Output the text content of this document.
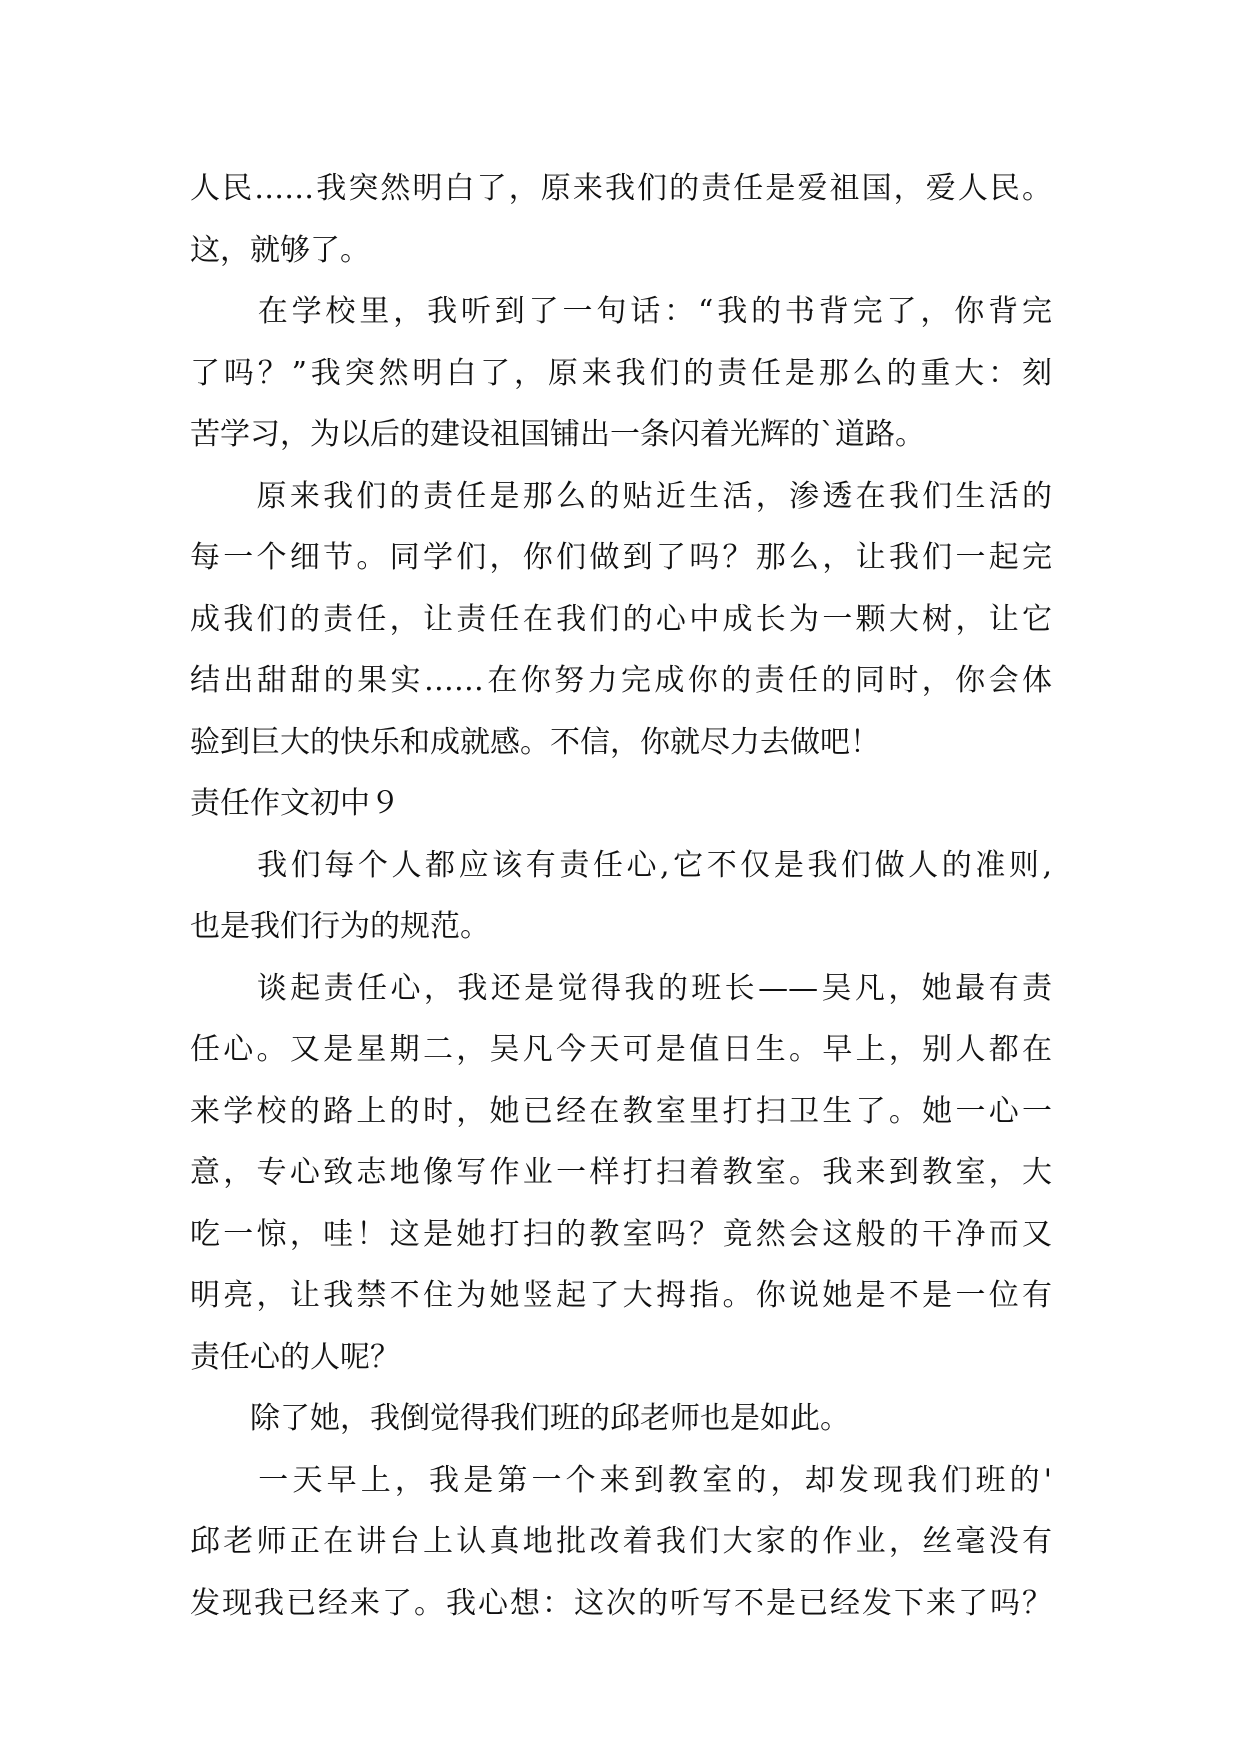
人民……我突然明白了，原来我们的责任是爱祖国，爱人民。
这，就够了。
　　在学校里，我听到了一句话：“我的书背完了，你背完
了吗？”我突然明白了，原来我们的责任是那么的重大：刻
苦学习，为以后的建设祖国铺出一条闪着光辉的`道路。
　　原来我们的责任是那么的贴近生活，渗透在我们生活的
每一个细节。同学们，你们做到了吗？那么，让我们一起完
成我们的责任，让责任在我们的心中成长为一颗大树，让它
结出甜甜的果实……在你努力完成你的责任的同时，你会体
验到巨大的快乐和成就感。不信，你就尽力去做吧！
责任作文初中９
　　我们每个人都应该有责任心,它不仅是我们做人的准则,
也是我们行为的规范。
　　谈起责任心，我还是觉得我的班长——吴凡，她最有责
任心。又是星期二，吴凡今天可是值日生。早上，别人都在
来学校的路上的时，她已经在教室里打扫卫生了。她一心一
意，专心致志地像写作业一样打扫着教室。我来到教室，大
吃一惊，哇！这是她打扫的教室吗？竟然会这般的干净而又
明亮，让我禁不住为她竖起了大拇指。你说她是不是一位有
责任心的人呢？
　　除了她，我倒觉得我们班的邱老师也是如此。
　　一天早上，我是第一个来到教室的，却发现我们班的'
邱老师正在讲台上认真地批改着我们大家的作业，丝毫没有
发现我已经来了。我心想：这次的听写不是已经发下来了吗？
